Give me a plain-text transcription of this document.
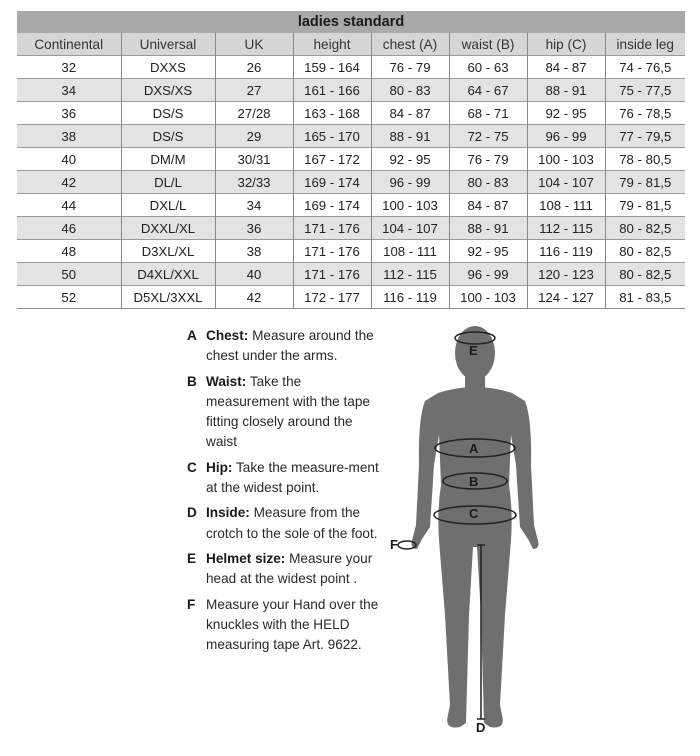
ladies standard							
Continental	Universal	UK	height	chest (A)	waist (B)	hip (C)	inside leg
32	DXXS	26	159 - 164	76 - 79	60 - 63	84 - 87	74 - 76,5
34	DXS/XS	27	161 - 166	80 - 83	64 - 67	88 - 91	75 - 77,5
36	DS/S	27/28	163 - 168	84 - 87	68 - 71	92 - 95	76 - 78,5
38	DS/S	29	165 - 170	88 - 91	72 - 75	96 - 99	77 - 79,5
40	DM/M	30/31	167 - 172	92 - 95	76 - 79	100 - 103	78 - 80,5
42	DL/L	32/33	169 - 174	96 - 99	80 - 83	104 - 107	79 - 81,5
44	DXL/L	34	169 - 174	100 - 103	84 - 87	108 - 111	79 - 81,5
46	DXXL/XL	36	171 - 176	104 - 107	88 - 91	112 - 115	80 - 82,5
48	D3XL/XL	38	171 - 176	108 - 111	92 - 95	116 - 119	80 - 82,5
50	D4XL/XXL	40	171 - 176	112 - 115	96 - 99	120 - 123	80 - 82,5
52	D5XL/3XXL	42	172 - 177	116 - 119	100 - 103	124 - 127	81 - 83,5
A Chest: Measure around the chest under the arms.
B Waist: Take the measurement with the tape fitting closely around the waist
C Hip: Take the measure-ment at the widest point.
D Inside: Measure from the crotch to the sole of the foot.
E Helmet size: Measure your head at the widest point .
F Measure your Hand over the knuckles with the HELD measuring tape Art. 9622.
E
A
B
C
F
D
